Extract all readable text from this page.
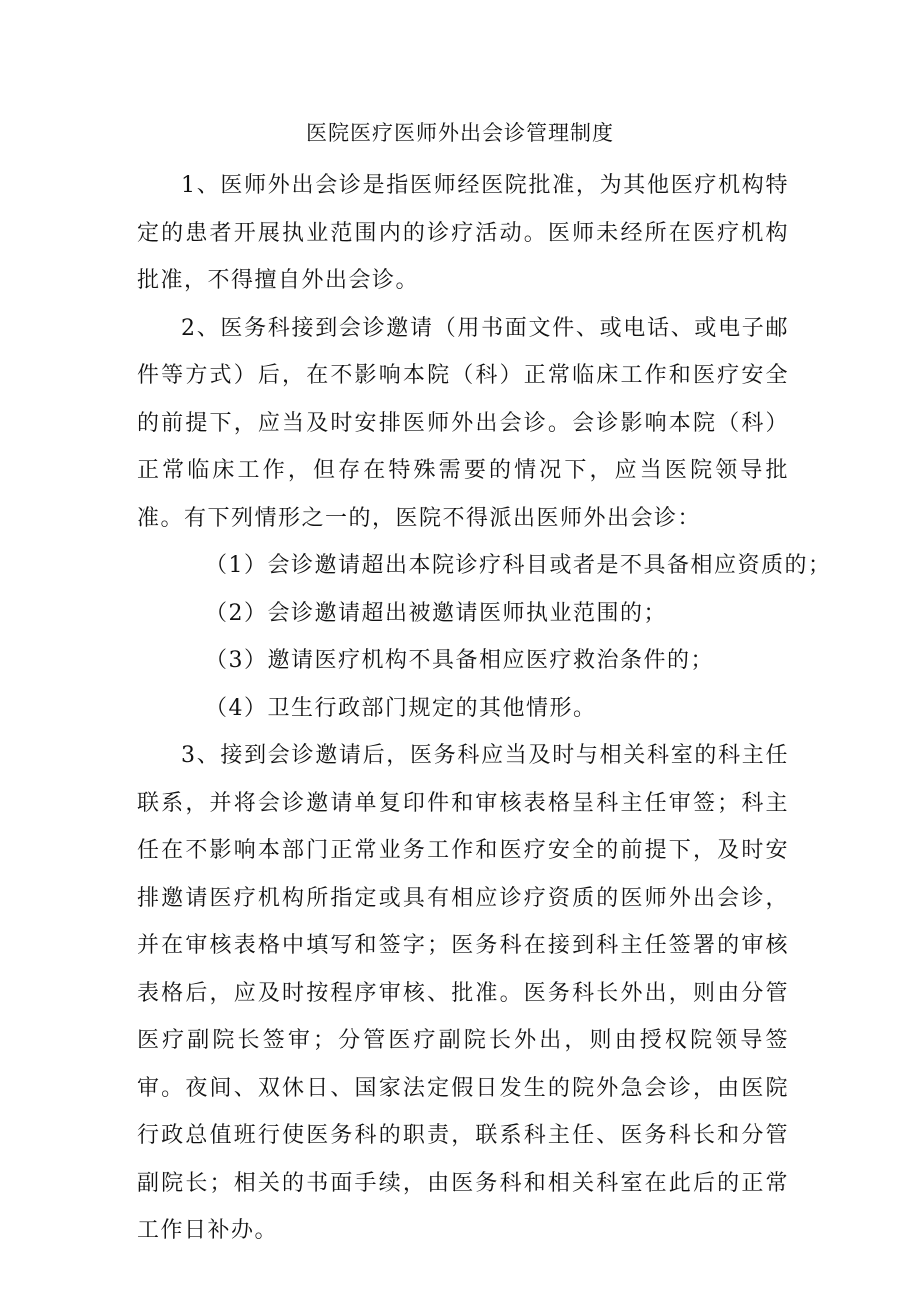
医院医疗医师外出会诊管理制度

1、医师外出会诊是指医师经医院批准，为其他医疗机构特定的患者开展执业范围内的诊疗活动。医师未经所在医疗机构批准，不得擅自外出会诊。

2、医务科接到会诊邀请（用书面文件、或电话、或电子邮件等方式）后，在不影响本院（科）正常临床工作和医疗安全的前提下，应当及时安排医师外出会诊。会诊影响本院（科）正常临床工作，但存在特殊需要的情况下，应当医院领导批准。有下列情形之一的，医院不得派出医师外出会诊：

（1）会诊邀请超出本院诊疗科目或者是不具备相应资质的；

（2）会诊邀请超出被邀请医师执业范围的；

（3）邀请医疗机构不具备相应医疗救治条件的；

（4）卫生行政部门规定的其他情形。

3、接到会诊邀请后，医务科应当及时与相关科室的科主任联系，并将会诊邀请单复印件和审核表格呈科主任审签；科主任在不影响本部门正常业务工作和医疗安全的前提下，及时安排邀请医疗机构所指定或具有相应诊疗资质的医师外出会诊，并在审核表格中填写和签字；医务科在接到科主任签署的审核表格后，应及时按程序审核、批准。医务科长外出，则由分管医疗副院长签审；分管医疗副院长外出，则由授权院领导签审。夜间、双休日、国家法定假日发生的院外急会诊，由医院行政总值班行使医务科的职责，联系科主任、医务科长和分管副院长；相关的书面手续，由医务科和相关科室在此后的正常工作日补办。
